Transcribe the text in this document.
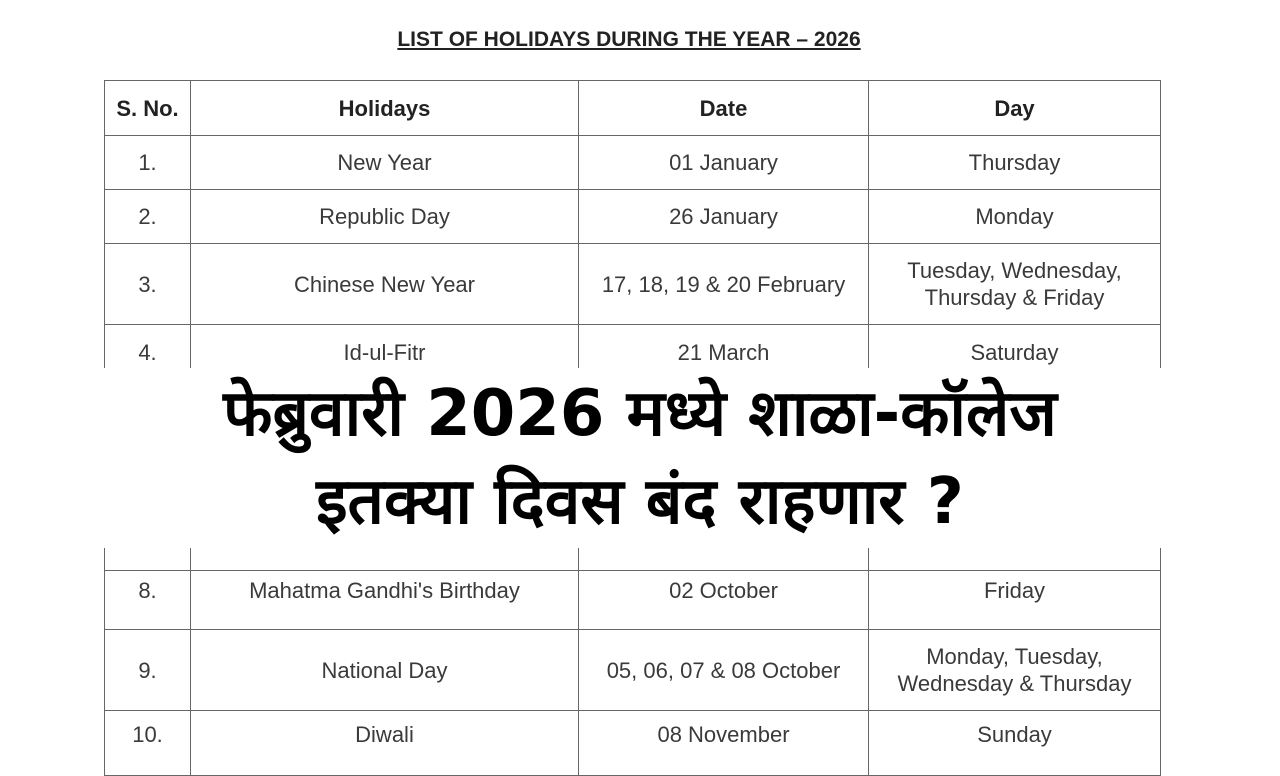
LIST OF HOLIDAYS DURING THE YEAR – 2026
S. No.	Holidays	Date	Day
1.	New Year	01 January	Thursday
2.	Republic Day	26 January	Monday
3.	Chinese New Year	17, 18, 19 & 20 February	Tuesday, Wednesday, Thursday & Friday
4.	Id-ul-Fitr	21 March	Saturday

8.	Mahatma Gandhi's Birthday	02 October	Friday
9.	National Day	05, 06, 07 & 08 October	Monday, Tuesday, Wednesday & Thursday
10.	Diwali	08 November	Sunday
फेब्रुवारी 2026 मध्ये शाळा-कॉलेज
इतक्या दिवस बंद राहणार ?
